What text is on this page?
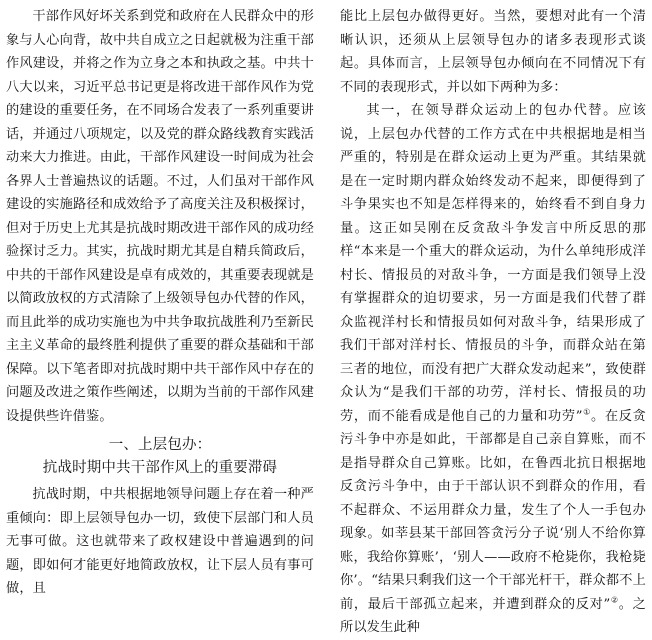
干部作风好坏关系到党和政府在人民群众中的形象与人心向背，故中共自成立之日起就极为注重干部作风建设，并将之作为立身之本和执政之基。中共十八大以来，习近平总书记更是将改进干部作风作为党的建设的重要任务，在不同场合发表了一系列重要讲话，并通过八项规定，以及党的群众路线教育实践活动来大力推进。由此，干部作风建设一时间成为社会各界人士普遍热议的话题。不过，人们虽对干部作风建设的实施路径和成效给予了高度关注及积极探讨，但对于历史上尤其是抗战时期改进干部作风的成功经验探讨乏力。其实，抗战时期尤其是自精兵简政后，中共的干部作风建设是卓有成效的，其重要表现就是以简政放权的方式清除了上级领导包办代替的作风，而且此举的成功实施也为中共争取抗战胜利乃至新民主主义革命的最终胜利提供了重要的群众基础和干部保障。以下笔者即对抗战时期中共干部作风中存在的问题及改进之策作些阐述，以期为当前的干部作风建设提供些许借鉴。

一、上层包办：
抗战时期中共干部作风上的重要滞碍

抗战时期，中共根据地领导问题上存在着一种严重倾向：即上层领导包办一切，致使下层部门和人员无事可做。这也就带来了政权建设中普遍遇到的问题，即如何才能更好地简政放权，让下层人员有事可做，且

能比上层包办做得更好。当然，要想对此有一个清晰认识，还须从上层领导包办的诸多表现形式谈起。具体而言，上层领导包办倾向在不同情况下有不同的表现形式，并以如下两种为多：

其一，在领导群众运动上的包办代替。应该说，上层包办代替的工作方式在中共根据地是相当严重的，特别是在群众运动上更为严重。其结果就是在一定时期内群众始终发动不起来，即便得到了斗争果实也不知是怎样得来的，始终看不到自身力量。这正如吴刚在反贪敌斗争发言中所反思的那样“本来是一个重大的群众运动，为什么单纯形成洋村长、情报员的对敌斗争，一方面是我们领导上没有掌握群众的迫切要求，另一方面是我们代替了群众监视洋村长和情报员如何对敌斗争，结果形成了我们干部对洋村长、情报员的斗争，而群众站在第三者的地位，而没有把广大群众发动起来”，致使群众认为“是我们干部的功劳，洋村长、情报员的功劳，而不能看成是他自己的力量和功劳”①。在反贪污斗争中亦是如此，干部都是自己亲自算账，而不是指导群众自己算账。比如，在鲁西北抗日根据地反贪污斗争中，由于干部认识不到群众的作用，看不起群众、不运用群众力量，发生了个人一手包办现象。如莘县某干部回答贪污分子说‘别人不给你算账，我给你算账’，‘别人——政府不枪毙你，我枪毙你’。“结果只剩我们这一个干部光杆干，群众都不上前，最后干部孤立起来，并遭到群众的反对”②。之所以发生此种
